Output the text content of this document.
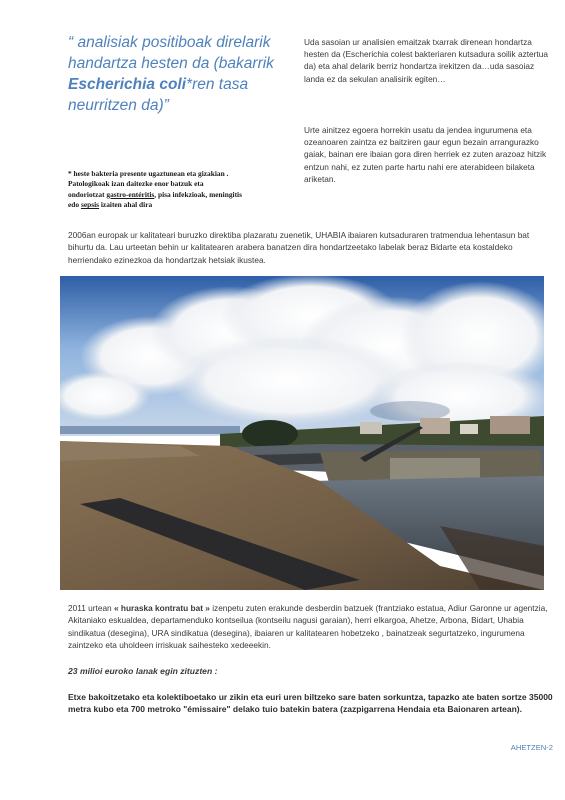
“ analisiak positiboak direlarik
handartza hesten da (bakarrik
Escherichia coli*ren tasa
neurritzen da)”
* heste bakteria presente ugaztunean eta gizakian .
Patologikoak izan daitezke enor batzuk eta
ondoriotzat gastro-entéritis, pisa infekzioak, meningitis
edo sepsis izaiten ahal dira
Uda sasoian ur analisien emaitzak txarrak direnean hondartza hesten da (Escherichia colest bakteriaren kutsadura soilik aztertua da) eta ahal delarik berriz hondartza irekitzen da…uda sasoiaz landa ez da sekulan analisirik egiten…
Urte ainitzez egoera horrekin usatu da jendea ingurumena eta ozeanoaren zaintza ez baitziren gaur egun bezain arrangurazko gaiak, bainan ere ibaian gora diren herriek ez zuten arazoaz hitzik entzun nahi, ez zuten parte hartu nahi ere aterabideen bilaketa ariketan.
2006an europak ur kalitateari buruzko direktiba plazaratu zuenetik, UHABIA ibaiaren kutsaduraren tratmendua lehentasun bat bihurtu da. Lau urteetan behin ur kalitatearen arabera banatzen dira hondartzeetako labelak beraz Bidarte eta kostaldeko herriendako ezinezkoa da hondartzak hetsiak ikustea.
2011 urtean « huraska kontratu bat » izenpetu zuten erakunde desberdin batzuek (frantziako estatua, Adiur Garonne ur agentzia, Akitaniako eskualdea, departamenduko kontseilua (kontseilu nagusi garaian), herri elkargoa, Ahetze, Arbona, Bidart, Uhabia sindikatua (desegina), URA sindikatua (desegina), ibaiaren ur kalitatearen hobetzeko , bainatzeak segurtatzeko, ingurumena zaintzeko eta uholdeen irriskuak saihesteko xedeeekin.
23 milioi euroko lanak egin zituzten :
Etxe bakoitzetako eta kolektiboetako ur zikin eta euri uren biltzeko sare baten sorkuntza, tapazko ate baten sortze 35000 metra kubo eta 700 metroko "émissaire" delako tuio batekin batera (zazpigarrena Hendaia eta Baionaren artean).
AHETZEN-2
